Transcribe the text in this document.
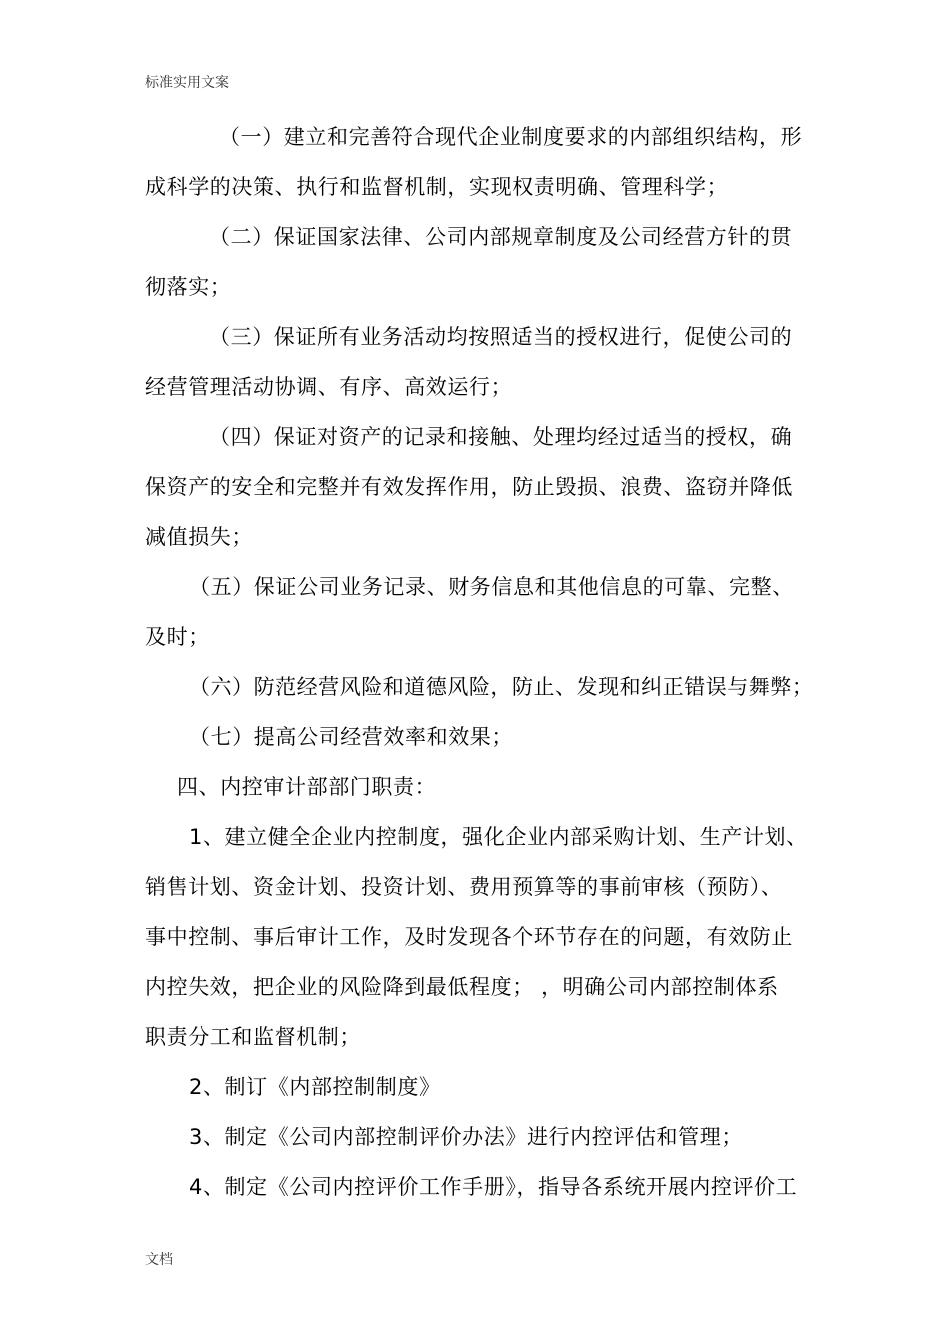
标准实用文案
（一）建立和完善符合现代企业制度要求的内部组织结构，形
成科学的决策、执行和监督机制，实现权责明确、管理科学；
（二）保证国家法律、公司内部规章制度及公司经营方针的贯
彻落实；
（三）保证所有业务活动均按照适当的授权进行，促使公司的
经营管理活动协调、有序、高效运行；
（四）保证对资产的记录和接触、处理均经过适当的授权，确
保资产的安全和完整并有效发挥作用，防止毁损、浪费、盗窃并降低
减值损失；
（五）保证公司业务记录、财务信息和其他信息的可靠、完整、
及时；
（六）防范经营风险和道德风险，防止、发现和纠正错误与舞弊；
（七）提高公司经营效率和效果；
四、内控审计部部门职责：
1、建立健全企业内控制度，强化企业内部采购计划、生产计划、
销售计划、资金计划、投资计划、费用预算等的事前审核（预防）、
事中控制、事后审计工作，及时发现各个环节存在的问题，有效防止
内控失效，把企业的风险降到最低程度； ，明确公司内部控制体系
职责分工和监督机制；
2、制订《内部控制制度》
3、制定《公司内部控制评价办法》进行内控评估和管理；
4、制定《公司内控评价工作手册》，指导各系统开展内控评价工
文档
